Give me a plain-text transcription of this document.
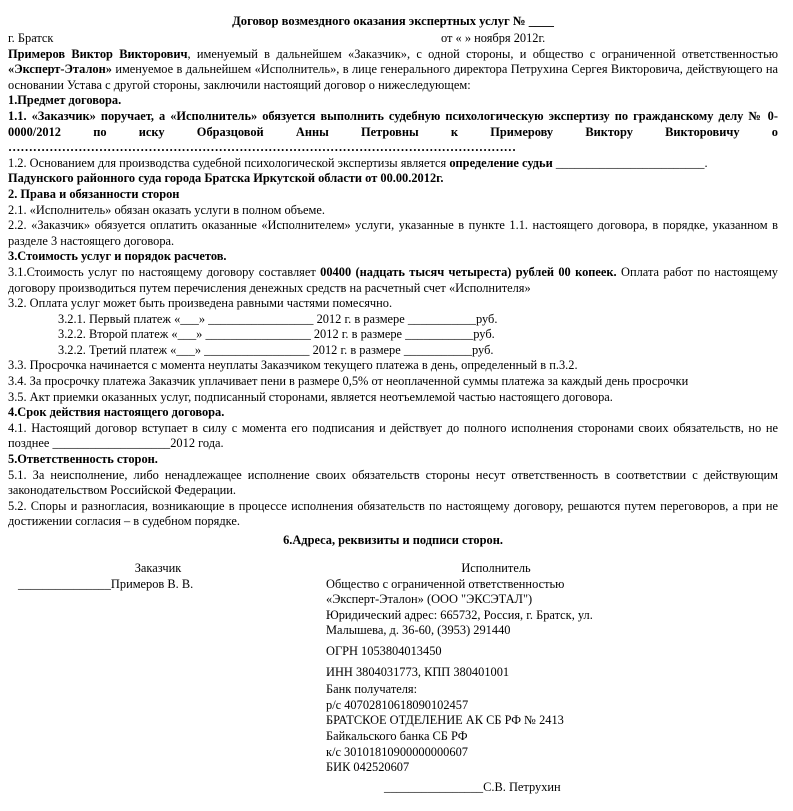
Договор возмездного оказания экспертных услуг № ____
г. Братск	от « » ноября 2012г.

Примеров Виктор Викторович, именуемый в дальнейшем «Заказчик», с одной стороны, и общество с ограниченной ответственностью «Эксперт-Эталон» именуемое в дальнейшем «Исполнитель», в лице генерального директора Петрухина Сергея Викторовича, действующего на основании Устава с другой стороны, заключили настоящий договор о нижеследующем:

1.Предмет договора.

1.1. «Заказчик» поручает, а «Исполнитель» обязуется выполнить судебную психологическую экспертизу по гражданскому делу № 0-0000/2012 по иску Образцовой Анны Петровны к Примерову Виктору Викторовичу о

……………………………………………………………………………………………………………

1.2. Основанием для производства судебной психологической экспертизы является определение судьи ________________________.

Падунского районного суда города Братска Иркутской области от 00.00.2012г.

2. Права и обязанности сторон

2.1. «Исполнитель» обязан оказать услуги в полном объеме.

2.2. «Заказчик» обязуется оплатить оказанные «Исполнителем» услуги, указанные в пункте 1.1. настоящего договора, в порядке, указанном в разделе 3 настоящего договора.

3.Стоимость услуг и порядок расчетов.

3.1.Стоимость услуг по настоящему договору составляет 00400 (надцать тысяч четыреста) рублей 00 копеек. Оплата работ по настоящему договору производиться путем перечисления денежных средств на расчетный счет «Исполнителя»

3.2. Оплата услуг может быть произведена равными частями помесячно.

3.2.1. Первый платеж «___» _________________ 2012 г. в размере ___________руб.

3.2.2. Второй платеж «___» _________________ 2012 г. в размере ___________руб.

3.2.2. Третий платеж «___» _________________ 2012 г. в размере ___________руб.

3.3. Просрочка начинается с момента неуплаты Заказчиком текущего платежа в день, определенный в п.3.2.

3.4. За просрочку платежа Заказчик уплачивает пени в размере 0,5% от неоплаченной суммы платежа за каждый день просрочки

3.5. Акт приемки оказанных услуг, подписанный сторонами, является неотъемлемой частью настоящего договора.

4.Срок действия настоящего договора.

4.1. Настоящий договор вступает в силу с момента его подписания и действует до полного исполнения сторонами своих обязательств, но не позднее ___________________2012 года.

5.Ответственность сторон.

5.1. За неисполнение, либо ненадлежащее исполнение своих обязательств стороны несут ответственность в соответствии с действующим законодательством Российской Федерации.

5.2. Споры и разногласия, возникающие в процессе исполнения обязательств по настоящему договору, решаются путем переговоров, а при не достижении согласия – в судебном порядке.

6.Адреса, реквизиты и подписи сторон.

Заказчик	Исполнитель
_______________Примеров В. В.	Общество с ограниченной ответственностью
«Эксперт-Эталон» (ООО "ЭКСЭТАЛ")
Юридический адрес: 665732, Россия, г. Братск, ул.
Малышева, д. 36-60, (3953) 291440
ОГРН 1053804013450
ИНН 3804031773, КПП 380401001
Банк получателя:
р/с 40702810618090102457
БРАТСКОЕ ОТДЕЛЕНИЕ АК СБ РФ № 2413
Байкальского банка СБ РФ
к/с 30101810900000000607
БИК 042520607
________________С.В. Петрухин
